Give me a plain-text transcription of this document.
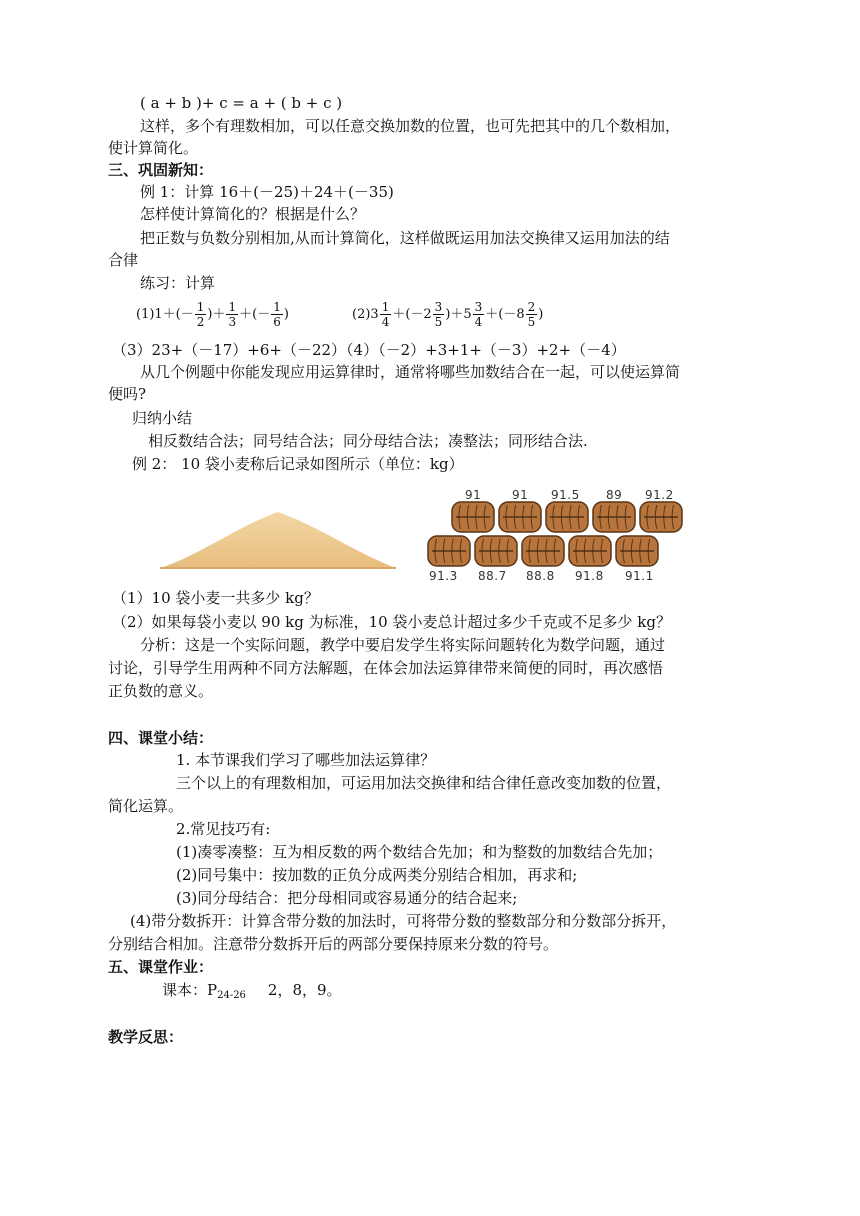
( a + b )+ c = a + ( b + c )
这样，多个有理数相加，可以任意交换加数的位置，也可先把其中的几个数相加，
使计算简化。
三、巩固新知：
例 1：计算 16＋(－25)＋24＋(－35)
怎样使计算简化的？根据是什么？
把正数与负数分别相加,从而计算简化，这样做既运用加法交换律又运用加法的结
合律
练习：计算
$(1)1+(- \frac{1}{2}$ )＋ $\frac{1}{3}$ ＋(－ $\frac{1}{6}$ )	$(2)3 \frac{1}{4} +(-2 \frac{3}{5} )+5 \frac{3}{4} +(-8 \frac{2}{5}$ )
（3）23+（－17）+6+（－22）（4）（－2）+3+1+（－3）+2+（－4）
从几个例题中你能发现应用运算律时，通常将哪些加数结合在一起，可以使运算简
便吗?
归纳小结
相反数结合法；同号结合法；同分母结合法；凑整法；同形结合法.
例 2： 10 袋小麦称后记录如图所示（单位：kg）
91	91 91.5 89 91.2
91.3 88.7 88.8 91.8 91.1
（1）10 袋小麦一共多少 kg？
（2）如果每袋小麦以 90 kg 为标准，10 袋小麦总计超过多少千克或不足多少 kg？
分析：这是一个实际问题，教学中要启发学生将实际问题转化为数学问题，通过
讨论，引导学生用两种不同方法解题，在体会加法运算律带来简便的同时，再次感悟
正负数的意义。
四、课堂小结：
1. 本节课我们学习了哪些加法运算律？
三个以上的有理数相加，可运用加法交换律和结合律任意改变加数的位置，
简化运算。
2.常见技巧有:
(1)凑零凑整：互为相反数的两个数结合先加；和为整数的加数结合先加；
(2)同号集中：按加数的正负分成两类分别结合相加，再求和;
(3)同分母结合：把分母相同或容易通分的结合起来;
(4)带分数拆开：计算含带分数的加法时，可将带分数的整数部分和分数部分拆开，
分别结合相加。注意带分数拆开后的两部分要保持原来分数的符号。
五、课堂作业：
课本：$P_{24-26}$ 2，8，9。
教学反思：
